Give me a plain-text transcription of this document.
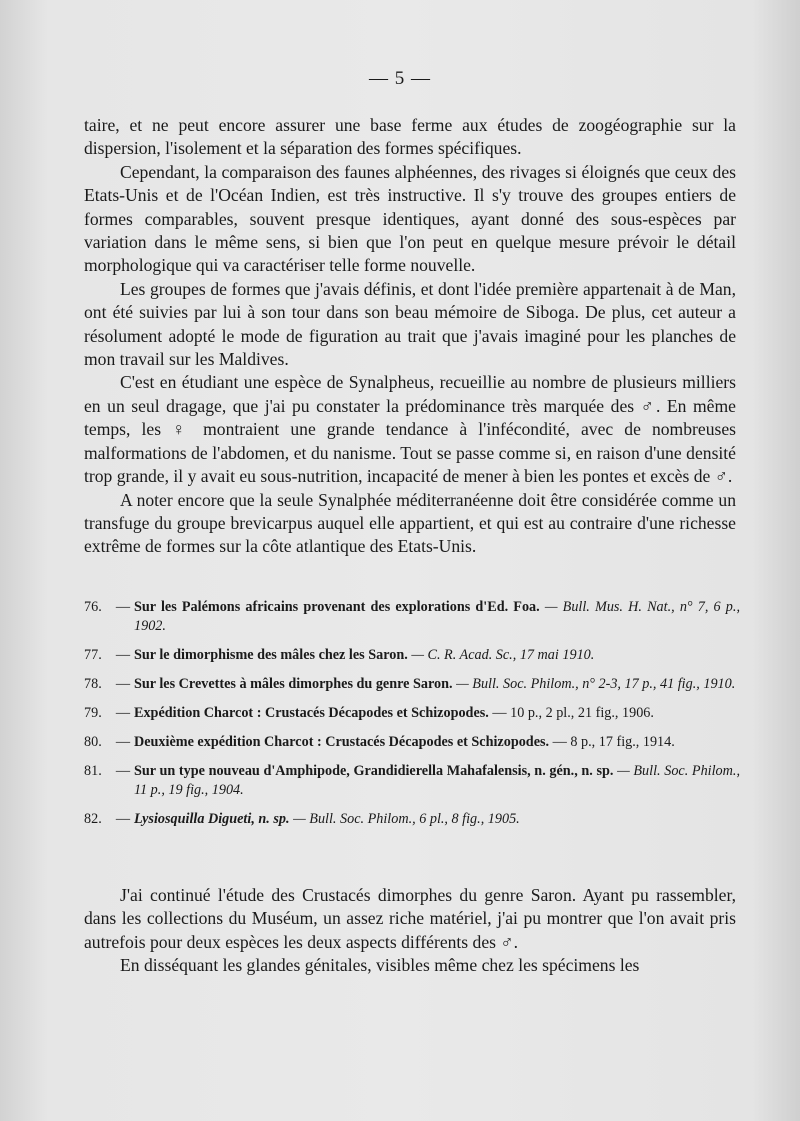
— 5 —

taire, et ne peut encore assurer une base ferme aux études de zoogéographie sur la dispersion, l'isolement et la séparation des formes spécifiques.

Cependant, la comparaison des faunes alphéennes, des rivages si éloignés que ceux des Etats-Unis et de l'Océan Indien, est très instructive. Il s'y trouve des groupes entiers de formes comparables, souvent presque identiques, ayant donné des sous-espèces par variation dans le même sens, si bien que l'on peut en quelque mesure prévoir le détail morphologique qui va caractériser telle forme nouvelle.

Les groupes de formes que j'avais définis, et dont l'idée première appartenait à de Man, ont été suivies par lui à son tour dans son beau mémoire de Siboga. De plus, cet auteur a résolument adopté le mode de figuration au trait que j'avais imaginé pour les planches de mon travail sur les Maldives.

C'est en étudiant une espèce de Synalpheus, recueillie au nombre de plusieurs milliers en un seul dragage, que j'ai pu constater la prédominance très marquée des ♂. En même temps, les ♀ montraient une grande tendance à l'infécondité, avec de nombreuses malformations de l'abdomen, et du nanisme. Tout se passe comme si, en raison d'une densité trop grande, il y avait eu sous-nutrition, incapacité de mener à bien les pontes et excès de ♂.

A noter encore que la seule Synalphée méditerranéenne doit être considérée comme un transfuge du groupe brevicarpus auquel elle appartient, et qui est au contraire d'une richesse extrême de formes sur la côte atlantique des Etats-Unis.

76. — Sur les Palémons africains provenant des explorations d'Ed. Foa. — Bull. Mus. H. Nat., n° 7, 6 p., 1902.
77. — Sur le dimorphisme des mâles chez les Saron. — C. R. Acad. Sc., 17 mai 1910.
78. — Sur les Crevettes à mâles dimorphes du genre Saron. — Bull. Soc. Philom., n° 2-3, 17 p., 41 fig., 1910.
79. — Expédition Charcot : Crustacés Décapodes et Schizopodes. — 10 p., 2 pl., 21 fig., 1906.
80. — Deuxième expédition Charcot : Crustacés Décapodes et Schizopodes. — 8 p., 17 fig., 1914.
81. — Sur un type nouveau d'Amphipode, Grandidierella Mahafalensis, n. gén., n. sp. — Bull. Soc. Philom., 11 p., 19 fig., 1904.
82. — Lysiosquilla Digueti, n. sp. — Bull. Soc. Philom., 6 pl., 8 fig., 1905.

J'ai continué l'étude des Crustacés dimorphes du genre Saron. Ayant pu rassembler, dans les collections du Muséum, un assez riche matériel, j'ai pu montrer que l'on avait pris autrefois pour deux espèces les deux aspects différents des ♂.

En disséquant les glandes génitales, visibles même chez les spécimens les
